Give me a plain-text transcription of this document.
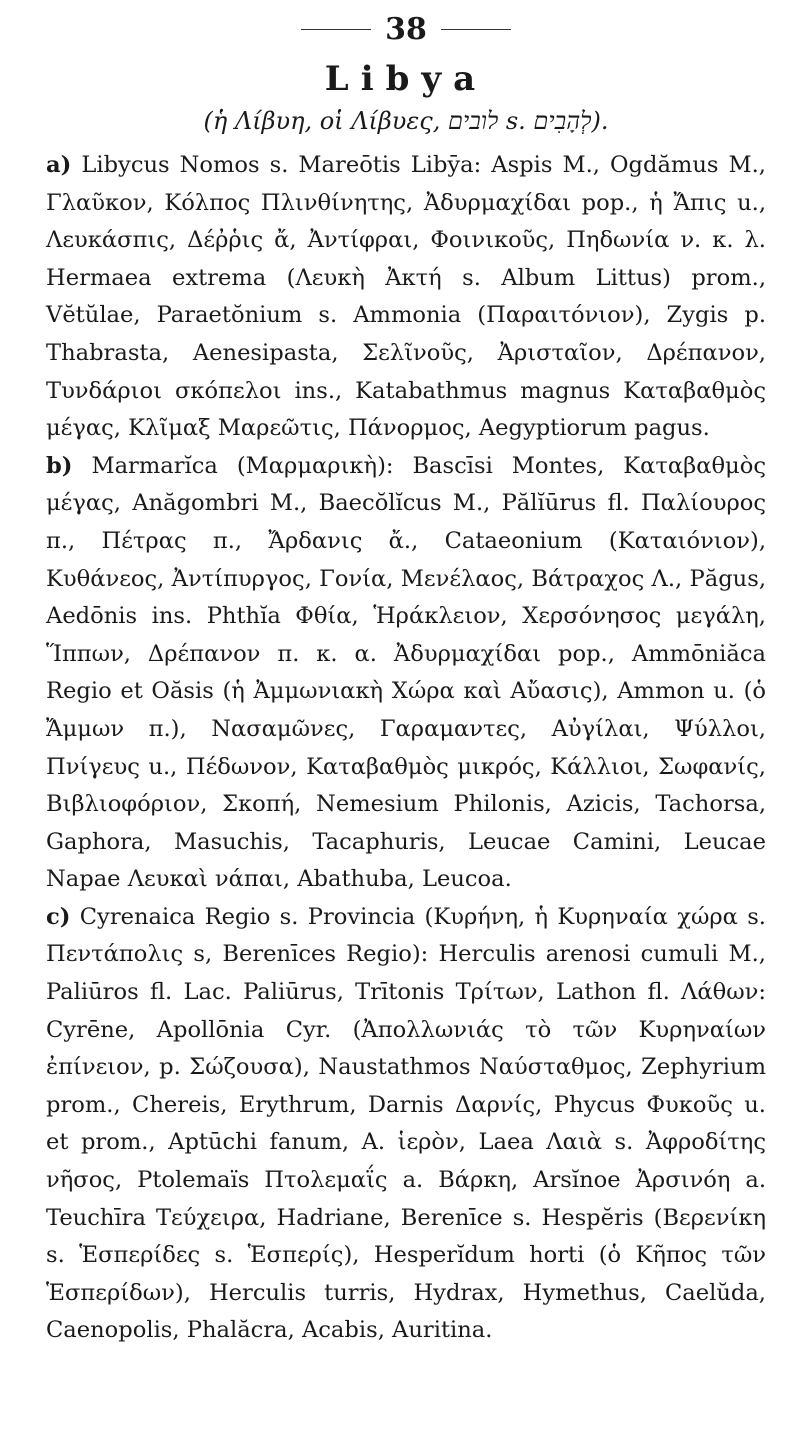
38
Libya
(ἡ Λίβυη, οἱ Λίβυες, לובים s. לְהָבִים).

a) Libycus Nomos s. Mareōtis Libȳa: Aspis M., Ogdămus M., Γλαῦκον, Κόλπος Πλινθίνητης, Ἀδυρμαχίδαι pop., ἡ Ἄπις u., Λευκάσπις, Δέῤῥις ἄ, Ἀντίφραι, Φοινικοῦς, Πηδωνία ν. κ. λ. Hermaea extrema (Λευκὴ Ἀκτή s. Album Littus) prom., Vĕtŭlae, Paraetŏnium s. Ammonia (Παραιτόνιον), Zygis p. Thabrasta, Aenesipasta, Σελῖνοῦς, Ἀρισταῖον, Δρέπανον, Τυνδάριοι σκόπελοι ins., Katabathmus magnus Καταβαθμὸς μέγας, Κλῖμαξ Μαρεῶτις, Πάνορμος, Aegyptiorum pagus.

b) Marmarĭca (Μαρμαρικὴ): Bascīsi Montes, Καταβαθμὸς μέγας, Anăgombri M., Baecŏlĭcus M., Pălĭūrus fl. Παλίουρος π., Πέτρας π., Ἄρδανις ἄ., Cataeonium (Καταιόνιον), Κυθάνεος, Ἀντίπυργος, Γονία, Μενέλαος, Βάτραχος Λ., Păgus, Aedōnis ins. Phthĭa Φθία, Ἡράκλειον, Χερσόνησος μεγάλη, Ἵππων, Δρέπανον π. κ. α. Ἀδυρμαχίδαι pop., Ammōniăca Regio et Oăsis (ἡ Ἀμμωνιακὴ Χώρα καὶ Αὔασις), Ammon u. (ὁ Ἄμμων π.), Νασαμῶνες, Γαραμαντες, Αὐγίλαι, Ψύλλοι, Πνίγευς u., Πέδωνον, Καταβαθμὸς μικρός, Κάλλιοι, Σωφανίς, Βιβλιοφόριον, Σκοπή, Nemesium Philonis, Azicis, Tachorsa, Gaphora, Masuchis, Tacaphuris, Leucae Camini, Leucae Napae Λευκαὶ νάπαι, Abathuba, Leucoa.

c) Cyrenaica Regio s. Provincia (Κυρήνη, ἡ Κυρηναία χώρα s. Πεντάπολις s, Berenīces Regio): Herculis arenosi cumuli M., Paliūros fl. Lac. Paliūrus, Trītonis Τρίτων, Lathon fl. Λάθων: Cyrēne, Apollōnia Cyr. (Ἀπολλωνιάς τὸ τῶν Κυρηναίων ἐπίνειον, p. Σώζουσα), Naustathmos Ναύσταθμος, Zephyrium prom., Chereis, Erythrum, Darnis Δαρνίς, Phycus Φυκοῦς u. et prom., Aptūchi fanum, Α. ἱερὸν, Laea Λαιὰ s. Ἀφροδίτης νῆσος, Ptolemaïs Πτολεμαΐς a. Βάρκη, Arsĭnoe Ἀρσινόη a. Teuchīra Τεύχειρα, Hadriane, Berenīce s. Hespĕris (Βερενίκη s. Ἑσπερίδες s. Ἑσπερίς), Hesperĭdum horti (ὁ Κῆπος τῶν Ἑσπερίδων), Herculis turris, Hydrax, Hymethus, Caelŭda, Caenopolis, Phalăcra, Acabis, Auritina.
